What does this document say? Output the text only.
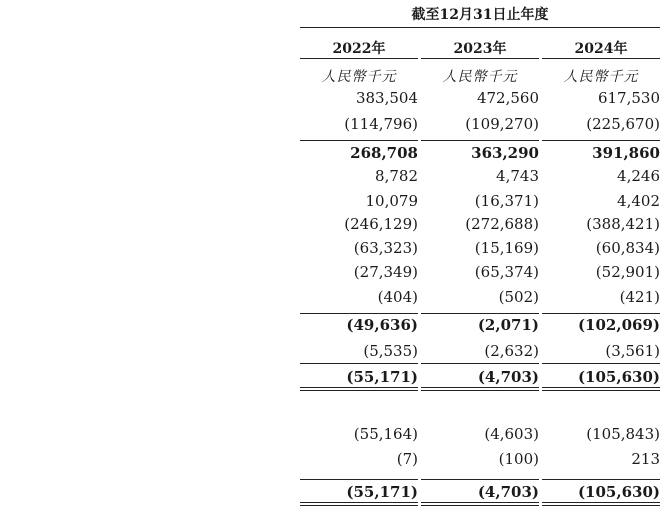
截至12月31日止年度
2022年	2023年	2024年
人民幣千元	人民幣千元	人民幣千元
383,504	472,560	617,530
(114,796)	(109,270)	(225,670)
268,708	363,290	391,860
8,782	4,743	4,246
10,079	(16,371)	4,402
(246,129)	(272,688)	(388,421)
(63,323)	(15,169)	(60,834)
(27,349)	(65,374)	(52,901)
(404)	(502)	(421)
(49,636)	(2,071)	(102,069)
(5,535)	(2,632)	(3,561)
(55,171)	(4,703)	(105,630)
(55,164)	(4,603)	(105,843)
(7)	(100)	213
(55,171)	(4,703)	(105,630)
